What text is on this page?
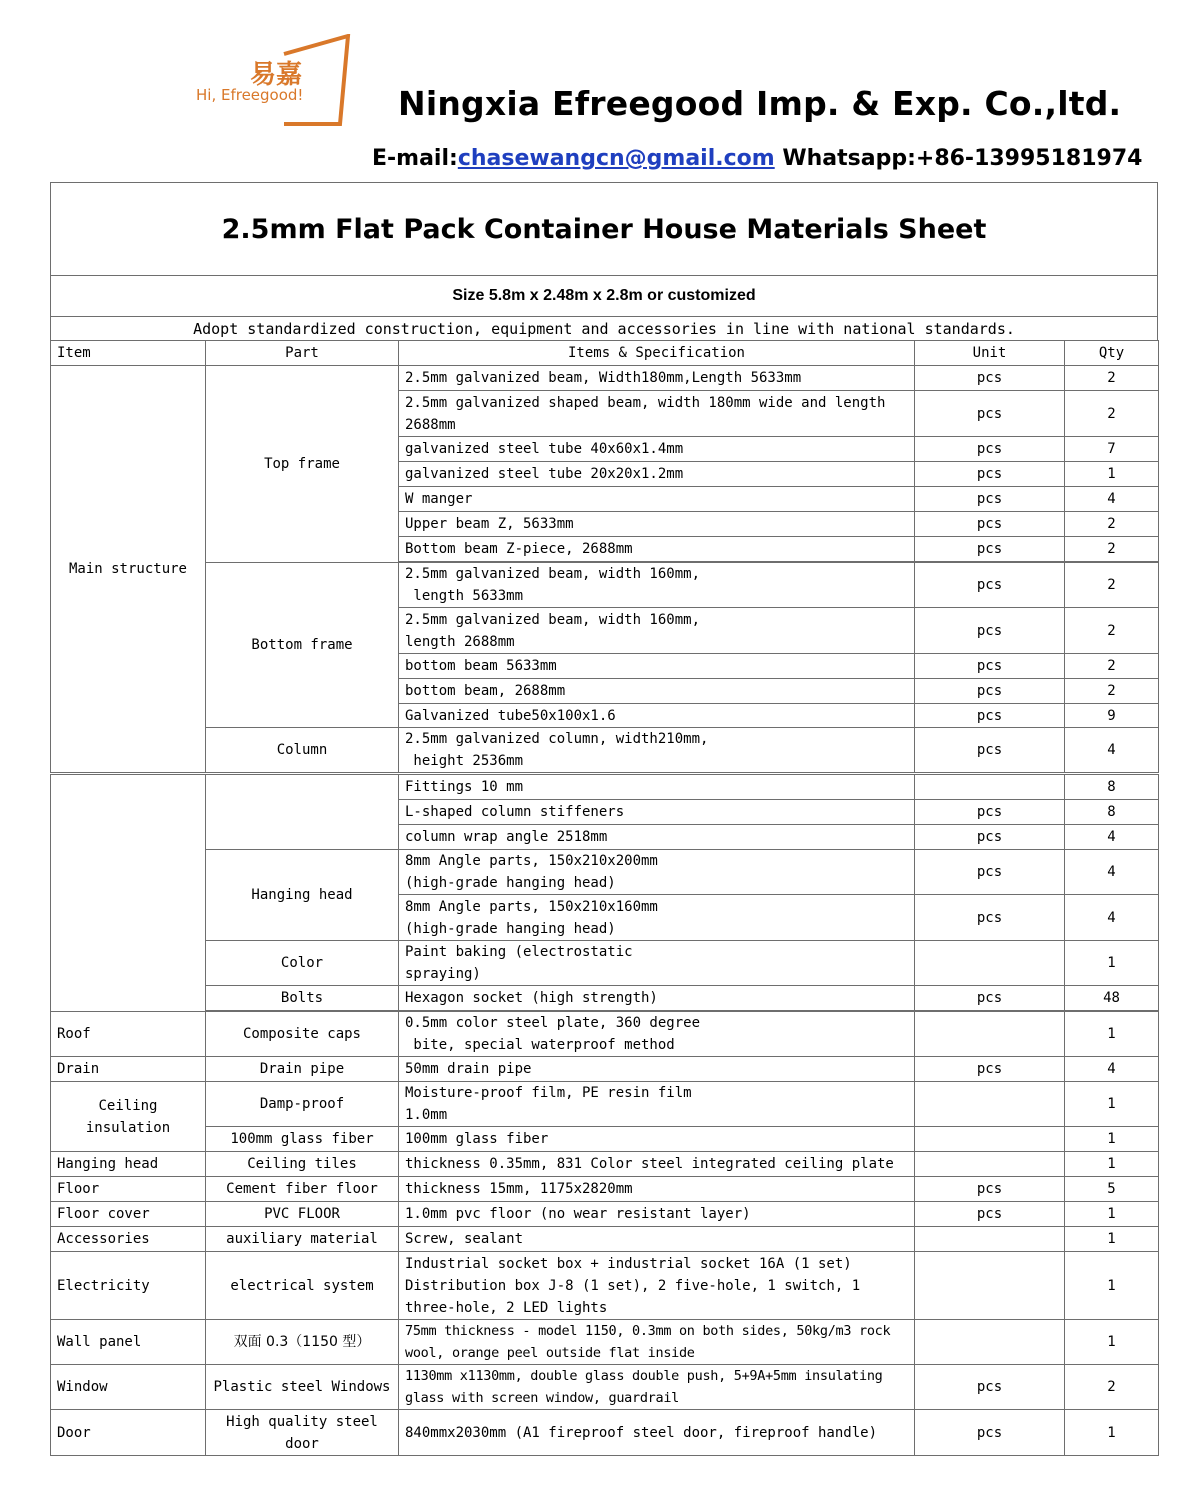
易嘉
Hi, Efreegood!	Ningxia Efreegood Imp. & Exp. Co.,ltd.
E-mail:chasewangcn@gmail.com Whatsapp:+86-13995181974
2.5mm Flat Pack Container House Materials Sheet
Size 5.8m x 2.48m x 2.8m or customized
Adopt standardized construction, equipment and accessories in line with national standards.
Item	Part	Items & Specification	Unit	Qty
Main structure	Top frame	2.5mm galvanized beam, Width180mm,Length 5633mm	pcs	2
		2.5mm galvanized shaped beam, width 180mm wide and length 2688mm	pcs	2
		galvanized steel tube 40x60x1.4mm	pcs	7
		galvanized steel tube 20x20x1.2mm	pcs	1
		W manger	pcs	4
		Upper beam Z, 5633mm	pcs	2
		Bottom beam Z-piece, 2688mm	pcs	2

	Bottom frame	2.5mm galvanized beam, width 160mm,
length 5633mm	pcs	2
		2.5mm galvanized beam, width 160mm,
length 2688mm	pcs	2
		bottom beam 5633mm	pcs	2
		bottom beam, 2688mm	pcs	2
		Galvanized tube50x100x1.6	pcs	9
	Column	2.5mm galvanized column, width210mm,
height 2536mm	pcs	4
		Fittings 10 mm		8
		L-shaped column stiffeners	pcs	8
		column wrap angle 2518mm	pcs	4
	Hanging head	8mm Angle parts, 150x210x200mm
(high-grade hanging head)	pcs	4
		8mm Angle parts, 150x210x160mm
(high-grade hanging head)	pcs	4
	Color	Paint baking (electrostatic
spraying)		1
	Bolts	Hexagon socket (high strength)	pcs	48

Roof	Composite caps	0.5mm color steel plate, 360 degree
bite, special waterproof method		1
Drain	Drain pipe	50mm drain pipe	pcs	4
Ceiling
insulation	Damp-proof	Moisture-proof film, PE resin film
1.0mm		1
	100mm glass fiber	100mm glass fiber		1
Hanging head	Ceiling tiles	thickness 0.35mm, 831 Color steel integrated ceiling plate		1
Floor	Cement fiber floor	thickness 15mm, 1175x2820mm	pcs	5
Floor cover	PVC FLOOR	1.0mm pvc floor (no wear resistant layer)	pcs	1
Accessories	auxiliary material	Screw, sealant		1
Electricity	electrical system	Industrial socket box + industrial socket 16A (1 set)
Distribution box J-8 (1 set), 2 five-hole, 1 switch, 1
three-hole, 2 LED lights		1
Wall panel	双面 0.3（1150 型）	75mm thickness - model 1150, 0.3mm on both sides, 50kg/m3 rock
wool, orange peel outside flat inside		1
Window	Plastic steel Windows	1130mm x1130mm, double glass double push, 5+9A+5mm insulating
glass with screen window, guardrail	pcs	2
Door	High quality steel
door	840mmx2030mm (A1 fireproof steel door, fireproof handle)	pcs	1
